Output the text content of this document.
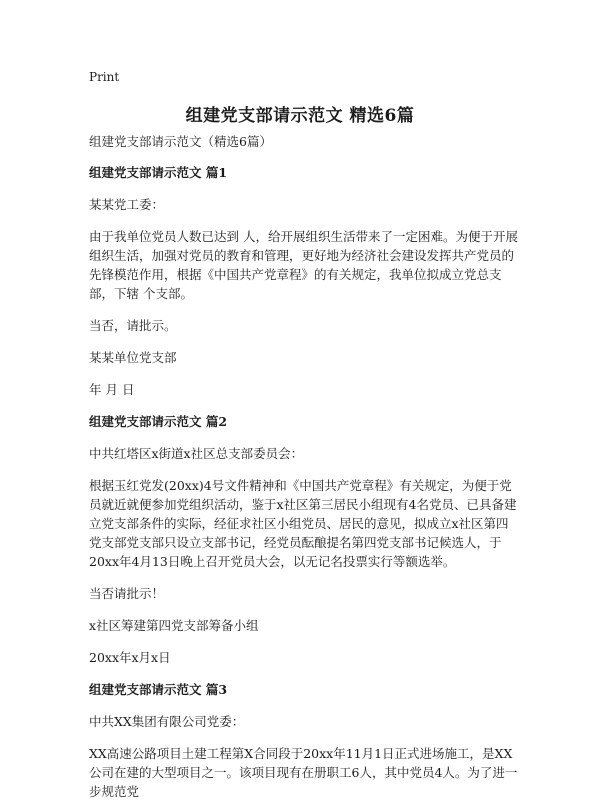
Print
组建党支部请示范文 精选6篇

组建党支部请示范文（精选6篇）

组建党支部请示范文 篇1

某某党工委：

由于我单位党员人数已达到 人，给开展组织生活带来了一定困难。为便于开展组织生活，加强对党员的教育和管理，更好地为经济社会建设发挥共产党员的先锋模范作用，根据《中国共产党章程》的有关规定，我单位拟成立党总支部，下辖 个支部。

当否，请批示。

某某单位党支部

年 月 日

组建党支部请示范文 篇2

中共红塔区x街道x社区总支部委员会：

根据玉红党发(20xx)4号文件精神和《中国共产党章程》有关规定，为便于党员就近就便参加党组织活动，鉴于x社区第三居民小组现有4名党员、已具备建立党支部条件的实际，经征求社区小组党员、居民的意见，拟成立x社区第四党支部党支部只设立支部书记，经党员酝酿提名第四党支部书记候选人，于20xx年4月13日晚上召开党员大会，以无记名投票实行等额选举。

当否请批示！

x社区筹建第四党支部筹备小组

20xx年x月x日

组建党支部请示范文 篇3

中共XX集团有限公司党委：

XX高速公路项目土建工程第X合同段于20xx年11月1日正式进场施工，是XX公司在建的大型项目之一。该项目现有在册职工6人，其中党员4人。为了进一步规范党
